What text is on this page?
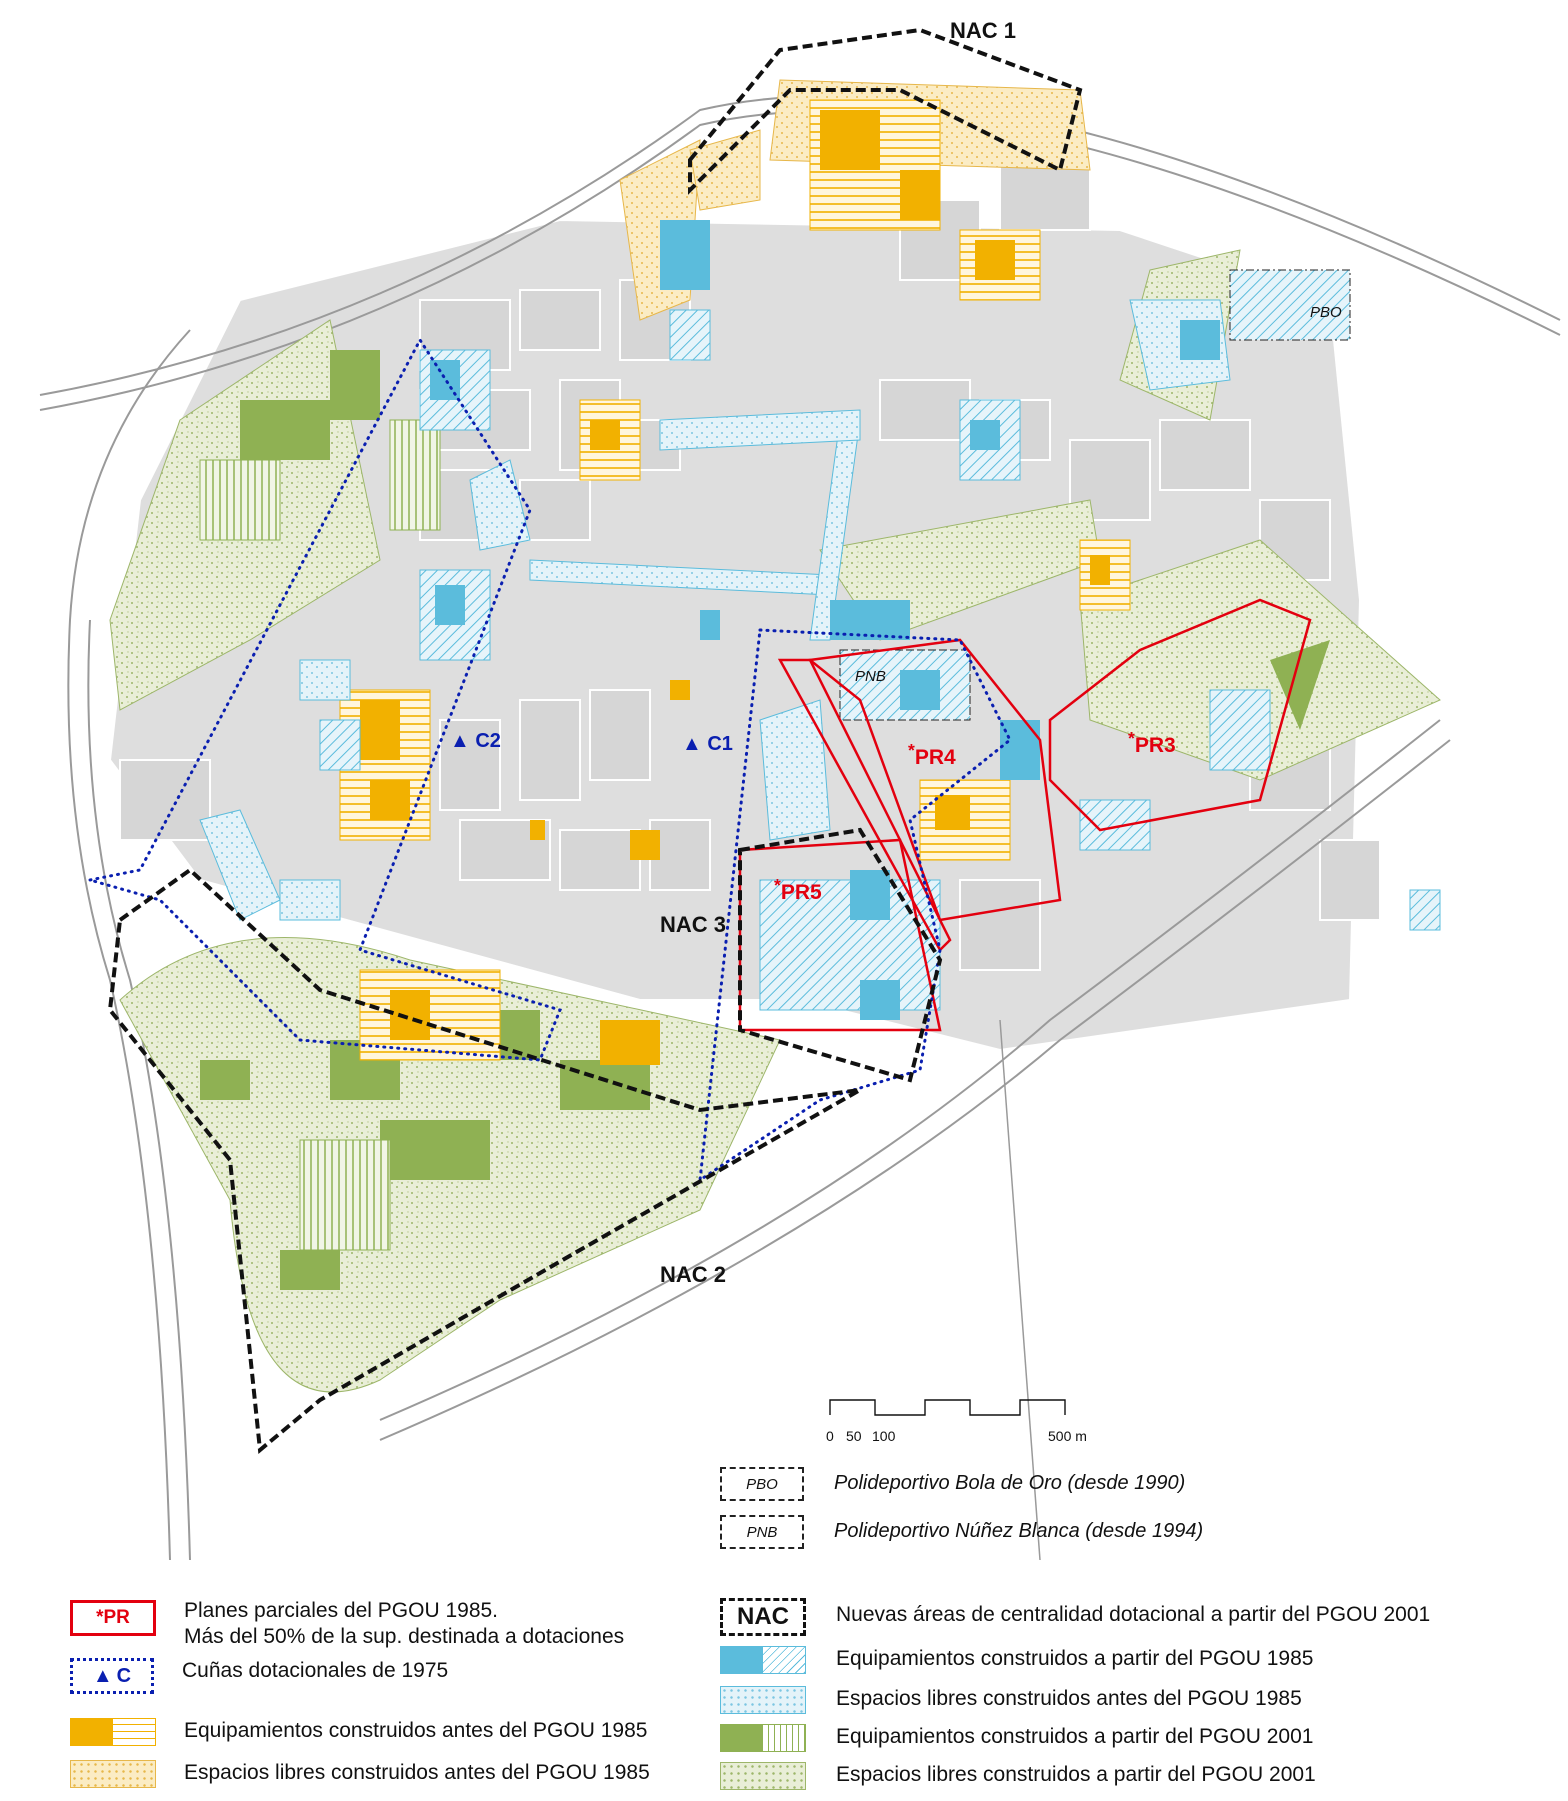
NAC 1
NAC 2
NAC 3
PBO
PNB
▲ C2	▲ C1	*PR3
*PR4
*PR5
0 50 100	500 m
PBO	Polideportivo Bola de Oro (desde 1990)
PNB	Polideportivo Núñez Blanca (desde 1994)
*PR	Planes parciales del PGOU 1985.
Más del 50% de la sup. destinada a dotaciones
▲ C Cuñas dotacionales de 1975
Equipamientos construidos antes del PGOU 1985
Espacios libres construidos antes del PGOU 1985
NAC Nuevas áreas de centralidad dotacional a partir del PGOU 2001
Equipamientos construidos a partir del PGOU 1985
Espacios libres construidos antes del PGOU 1985
Equipamientos construidos a partir del PGOU 2001
Espacios libres construidos a partir del PGOU 2001
